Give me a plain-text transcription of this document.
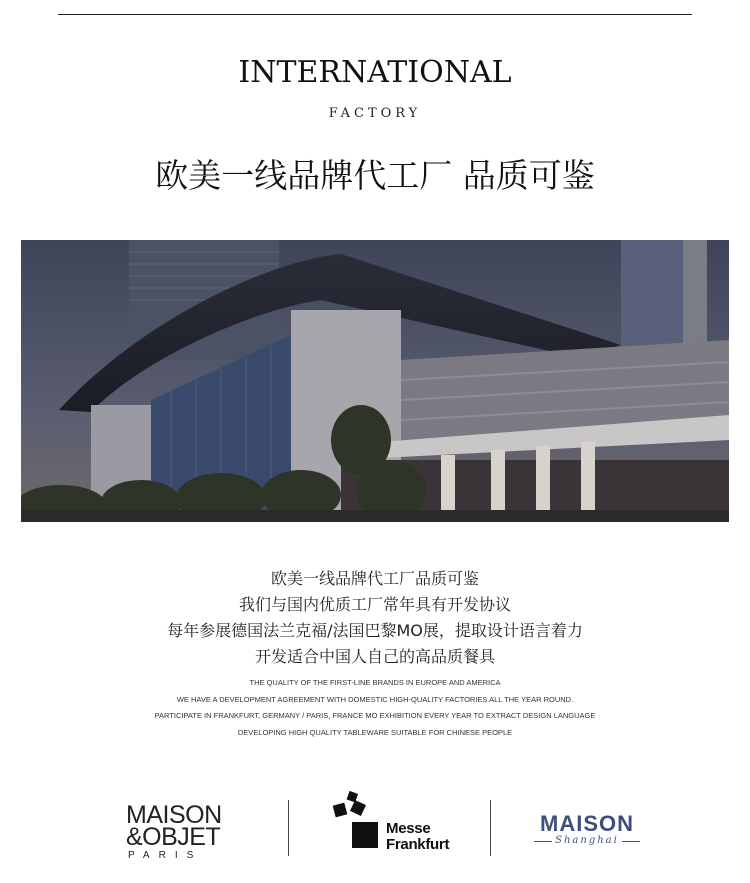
INTERNATIONAL
FACTORY
欧美一线品牌代工厂 品质可鉴
欧美一线品牌代工厂品质可鉴
我们与国内优质工厂常年具有开发协议
每年参展德国法兰克福/法国巴黎MO展，提取设计语言着力
开发适合中国人自己的高品质餐具
THE QUALITY OF THE FIRST-LINE BRANDS IN EUROPE AND AMERICA
WE HAVE A DEVELOPMENT AGREEMENT WITH DOMESTIC HIGH-QUALITY FACTORIES ALL THE YEAR ROUND.
PARTICIPATE IN FRANKFURT, GERMANY / PARIS, FRANCE MO EXHIBITION EVERY YEAR TO EXTRACT DESIGN LANGUAGE
DEVELOPING HIGH QUALITY TABLEWARE SUITABLE FOR CHINESE PEOPLE
MAISON
&OBJET
PARIS
Messe
Frankfurt
MAISON
Shanghai
